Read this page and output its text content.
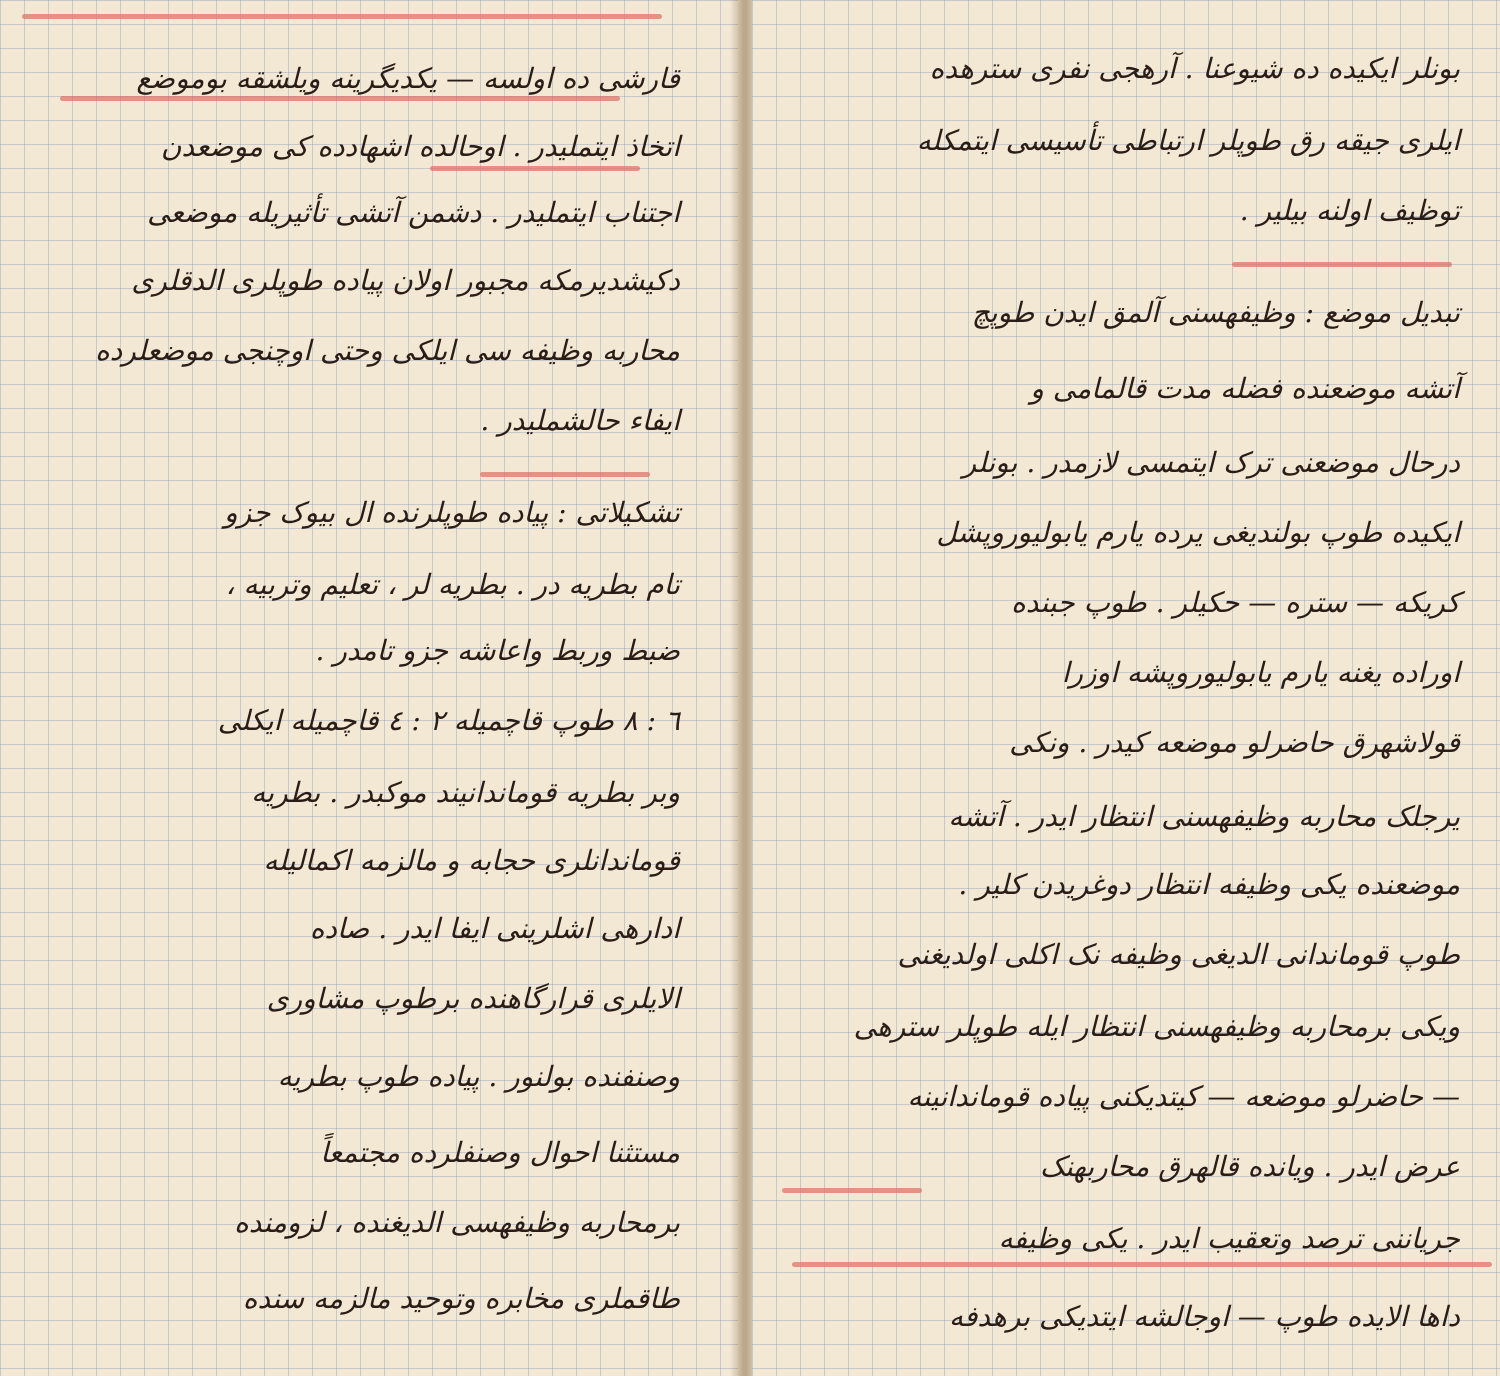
قارشی ده اولسه — یکدیگرینه ویلشقه بوموضع
اتخاذ ایتملیدر . اوحالده اشهادده کی موضعدن
اجتناب ایتملیدر . دشمن آتشی تأثیریله موضعی
دکیشدیرمکه مجبور اولان پیاده طوپلری الدقلری
محاربه وظیفه سی ایلکی وحتی اوچنجی موضعلرده
ایفاء حالشملیدر .
تشکیلاتی : پیاده طوپلرنده ال بیوک جزو
تام بطریه در . بطریه لر ، تعلیم وتربیه ،
ضبط وربط واعاشه جزو تامدر .
٦ : ٨ طوپ قاچمیله ٢ : ٤ قاچمیله ایکلی
وبر بطریه قوماندانیند موکبدر . بطریه
قوماندانلری حجابه و مالزمه اکمالیله
ادارهی اشلرینی ایفا ایدر . صاده
الایلری قرارگاهنده برطوپ مشاوری
وصنفنده بولنور . پیاده طوپ بطریه
مستثنا احوال وصنفلرده مجتمعاً
برمحاربه وظیفهسی الدیغنده ، لزومنده
طاقملری مخابره وتوحید مالزمه سنده
بونلر ایکیده ده شیوعنا . آرهجی نفری سترهده
ایلری جیقه رق طوپلر ارتباطی تأسیسی ایتمکله
توظیف اولنه بیلیر .
تبدیل موضع : وظیفهسنی آلمق ایدن طوپچ
آتشه موضعنده فضله مدت قالمامی و
درحال موضعنی ترک ایتمسی لازمدر . بونلر
ایکیده طوپ بولندیغی یرده یارم یابولیوروپشل
کریکه — ستره — حکیلر . طوپ جبنده
اوراده یغنه یارم یابولیوروپشه اوزرا
قولاشهرق حاضرلو موضعه کیدر . ونکی
یرجلک محاربه وظیفهسنی انتظار ایدر . آتشه
موضعنده یکی وظیفه انتظار دوغریدن کلیر .
طوپ قوماندانی الدیغی وظیفه نک اکلی اولدیغنی
ویکی برمحاربه وظیفهسنی انتظار ایله طوپلر سترهی
— حاضرلو موضعه — کیتدیکنی پیاده قوماندانینه
عرض ایدر . ویانده قالهرق محاربهنک
جریاننی ترصد وتعقیب ایدر . یکی وظیفه
داها الایده طوپ — اوجالشه ایتدیکی برهدفه
